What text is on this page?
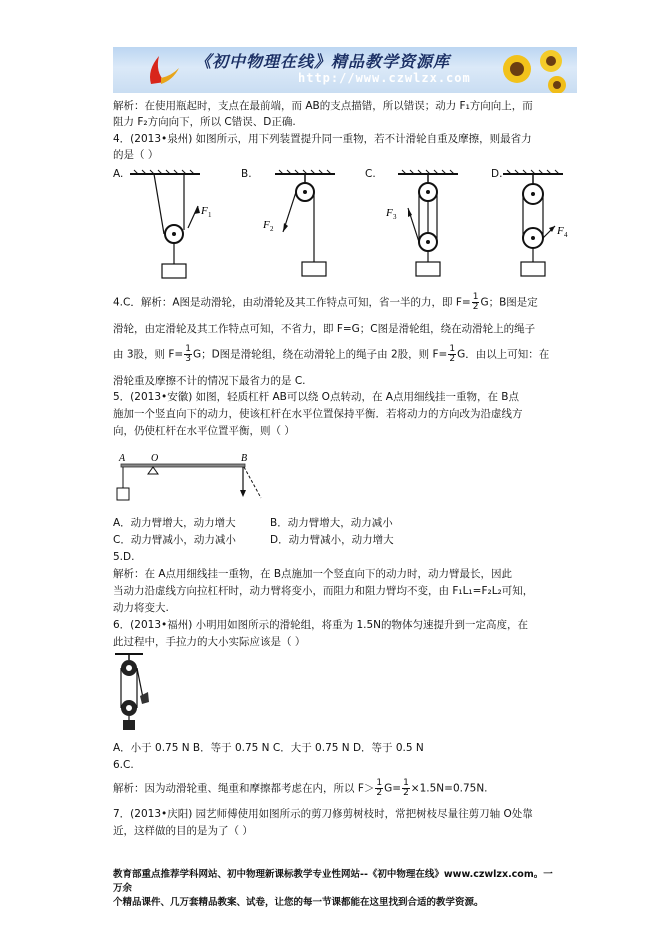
《初中物理在线》精品教学资源库
http://www.czwlzx.com
解析：在使用瓶起时，支点在最前端，而 AB的支点描错，所以错误；动力 F₁方向向上，而
阻力 F₂方向向下，所以 C错误、D正确.
4．(2013•泉州) 如图所示，用下列装置提升同一重物，若不计滑轮自重及摩擦，则最省力
的是（ ）
A.	B.	C.	D.
F 1
F 2
F 3
F 4
4.C．解析：A图是动滑轮，由动滑轮及其工作特点可知，省一半的力，即 $F= \frac{1}{2}$ G；B图是定
滑轮，由定滑轮及其工作特点可知，不省力，即 F=G；C图是滑轮组，绕在动滑轮上的绳子
由 3股，则 $F= \frac{1}{3}$ G；D图是滑轮组，绕在动滑轮上的绳子由 2股，则 $F= \frac{1}{2}$ G．由以上可知：在
滑轮重及摩擦不计的情况下最省力的是 C.
5．(2013•安徽) 如图，轻质杠杆 AB可以绕 O点转动，在 A点用细线挂一重物，在 B点
施加一个竖直向下的动力，使该杠杆在水平位置保持平衡．若将动力的方向改为沿虚线方
向，仍使杠杆在水平位置平衡，则（ ）
A	O	B
A．动力臂增大，动力增大	B．动力臂增大，动力减小
C．动力臂减小，动力减小	D．动力臂减小，动力增大
5.D.
解析：在 A点用细线挂一重物，在 B点施加一个竖直向下的动力时，动力臂最长，因此
当动力沿虚线方向拉杠杆时，动力臂将变小，而阻力和阻力臂均不变，由 F₁L₁=F₂L₂可知，
动力将变大.
6．(2013•福州) 小明用如图所示的滑轮组，将重为 1.5N的物体匀速提升到一定高度，在
此过程中，手拉力的大小实际应该是（ ）
A．小于 0.75 N B．等于 0.75 N C．大于 0.75 N D．等于 0.5 N
6.C.
解析：因为动滑轮重、绳重和摩擦都考虑在内，所以 $F> \frac{1}{2} G= \frac{1}{2} \times 1.5N=0.75N$.
7．(2013•庆阳) 园艺师傅使用如图所示的剪刀修剪树枝时，常把树枝尽量往剪刀轴 O处靠
近，这样做的目的是为了（ ）
教育部重点推荐学科网站、初中物理新课标教学专业性网站--《初中物理在线》www.czwlzx.com。一万余
个精品课件、几万套精品教案、试卷，让您的每一节课都能在这里找到合适的教学资源。
